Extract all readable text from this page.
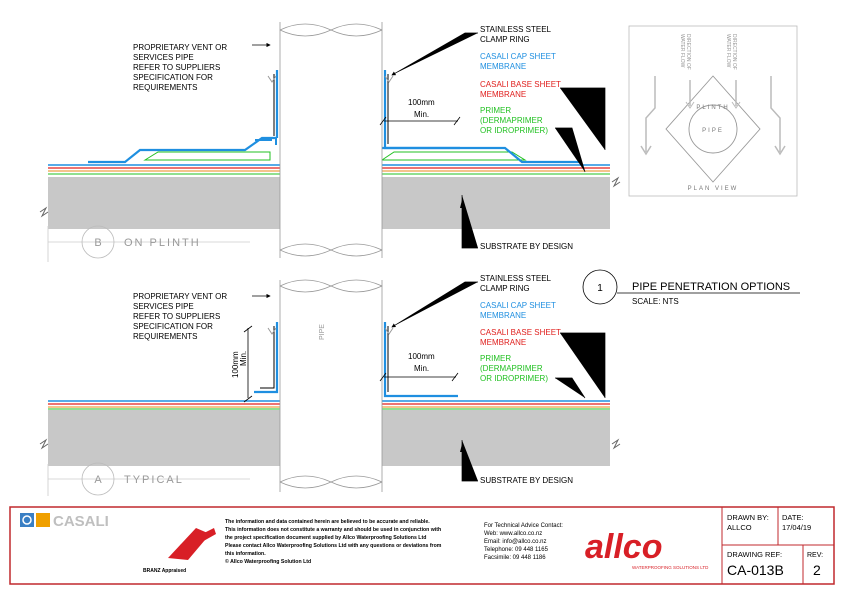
PROPRIETARY VENT OR
SERVICES PIPE
REFER TO SUPPLIERS
SPECIFICATION FOR
REQUIREMENTS
STAINLESS STEEL
CLAMP RING
CASALI CAP SHEET
MEMBRANE
CASALI BASE SHEET
MEMBRANE
PRIMER
(DERMAPRIMER
OR IDROPRIMER)
100mm
Min.
SUBSTRATE BY DESIGN
B ON PLINTH
PIPE
PROPRIETARY VENT OR
SERVICES PIPE
REFER TO SUPPLIERS
SPECIFICATION FOR
REQUIREMENTS
STAINLESS STEEL
CLAMP RING
CASALI CAP SHEET
MEMBRANE
CASALI BASE SHEET
MEMBRANE
PRIMER
(DERMAPRIMER
OR IDROPRIMER)
100mm
Min.
100mm Min.
SUBSTRATE BY DESIGN
A TYPICAL
DIRECTION OF
WATER FLOW	DIRECTION OF
WATER FLOW
PLINTH
PIPE
PLAN VIEW
1	PIPE PENETRATION OPTIONS
SCALE: NTS
CASALI
BRANZ Appraised
The information and data contained herein are believed to be accurate and reliable.
This information does not constitute a warranty and should be used in conjunction with
the project specification document supplied by Allco Waterproofing Solutions Ltd
Please contact Allco Waterproofing Solutions Ltd with any questions or deviations from
this information.
© Allco Waterproofing Solution Ltd
For Technical Advice Contact:
Web: www.allco.co.nz
Email: info@allco.co.nz
Telephone: 09 448 1165
Facsimile: 09 448 1186 allco
WATERPROOFING SOLUTIONS LTD
DRAWN BY:
ALLCO
DATE:
17/04/19
DRAWING REF:
CA-013B
REV:
2
